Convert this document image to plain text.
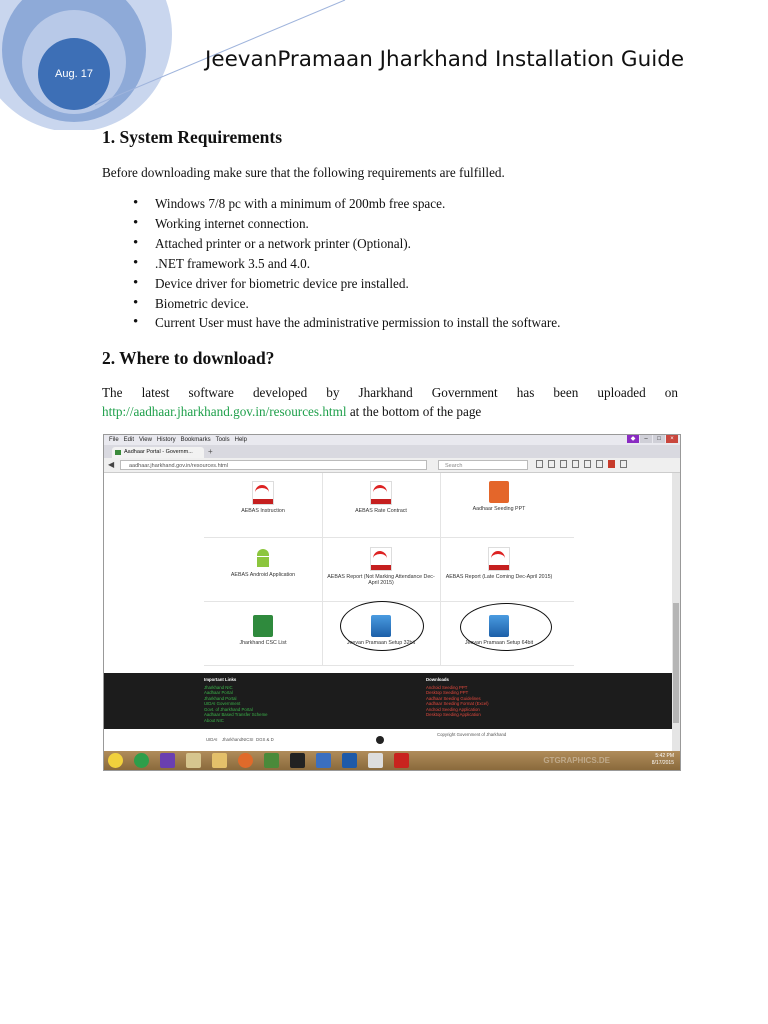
Aug. 17
JeevanPramaan Jharkhand Installation Guide
1. System Requirements
Before downloading make sure that the following requirements are fulfilled.
• Windows 7/8 pc with a minimum of 200mb free space.
• Working internet connection.
• Attached printer or a network printer (Optional).
• .NET framework 3.5 and 4.0.
• Device driver for biometric device pre installed.
• Biometric device.
• Current User must have the administrative permission to install the software.
2. Where to download?
The latest software developed by Jharkhand Government has been uploaded on
http://aadhaar.jharkhand.gov.in/resources.html at the bottom of the page
File Edit View History Bookmarks Tools Help	◆	–	□	×
Aadhaar Portal - Governm...	+
◀	aadhaar.jharkhand.gov.in/resources.html	Search
AEBAS Instruction	AEBAS Rate Contract	Aadhaar Seeding PPT
AEBAS Android Application	AEBAS Report (Not Marking Attendance Dec-April 2015)
AEBAS Report (Late Coming Dec-April 2015)
Jharkhand CSC List	Jeevan Pramaan Setup 32bit	Jeevan Pramaan Setup 64bit
Important Links
Jharkhand NIC
Aadhaar Portal
Jharkhand Portal
UIDAI Government
Govt. of Jharkhand Portal
Aadhaar Based Transfer Scheme
About NIC
Downloads
Android Seeding PPT
Desktop Seeding PPT
Aadhaar Seeding Guidelines
Aadhaar Seeding Format (Excel)
Android Seeding Application
Desktop Seeding Application
UIDAI Jharkhand NICSI DGS & D
Copyright Government of Jharkhand
GTGRAPHICS.DE	5:42 PM
8/17/2015
